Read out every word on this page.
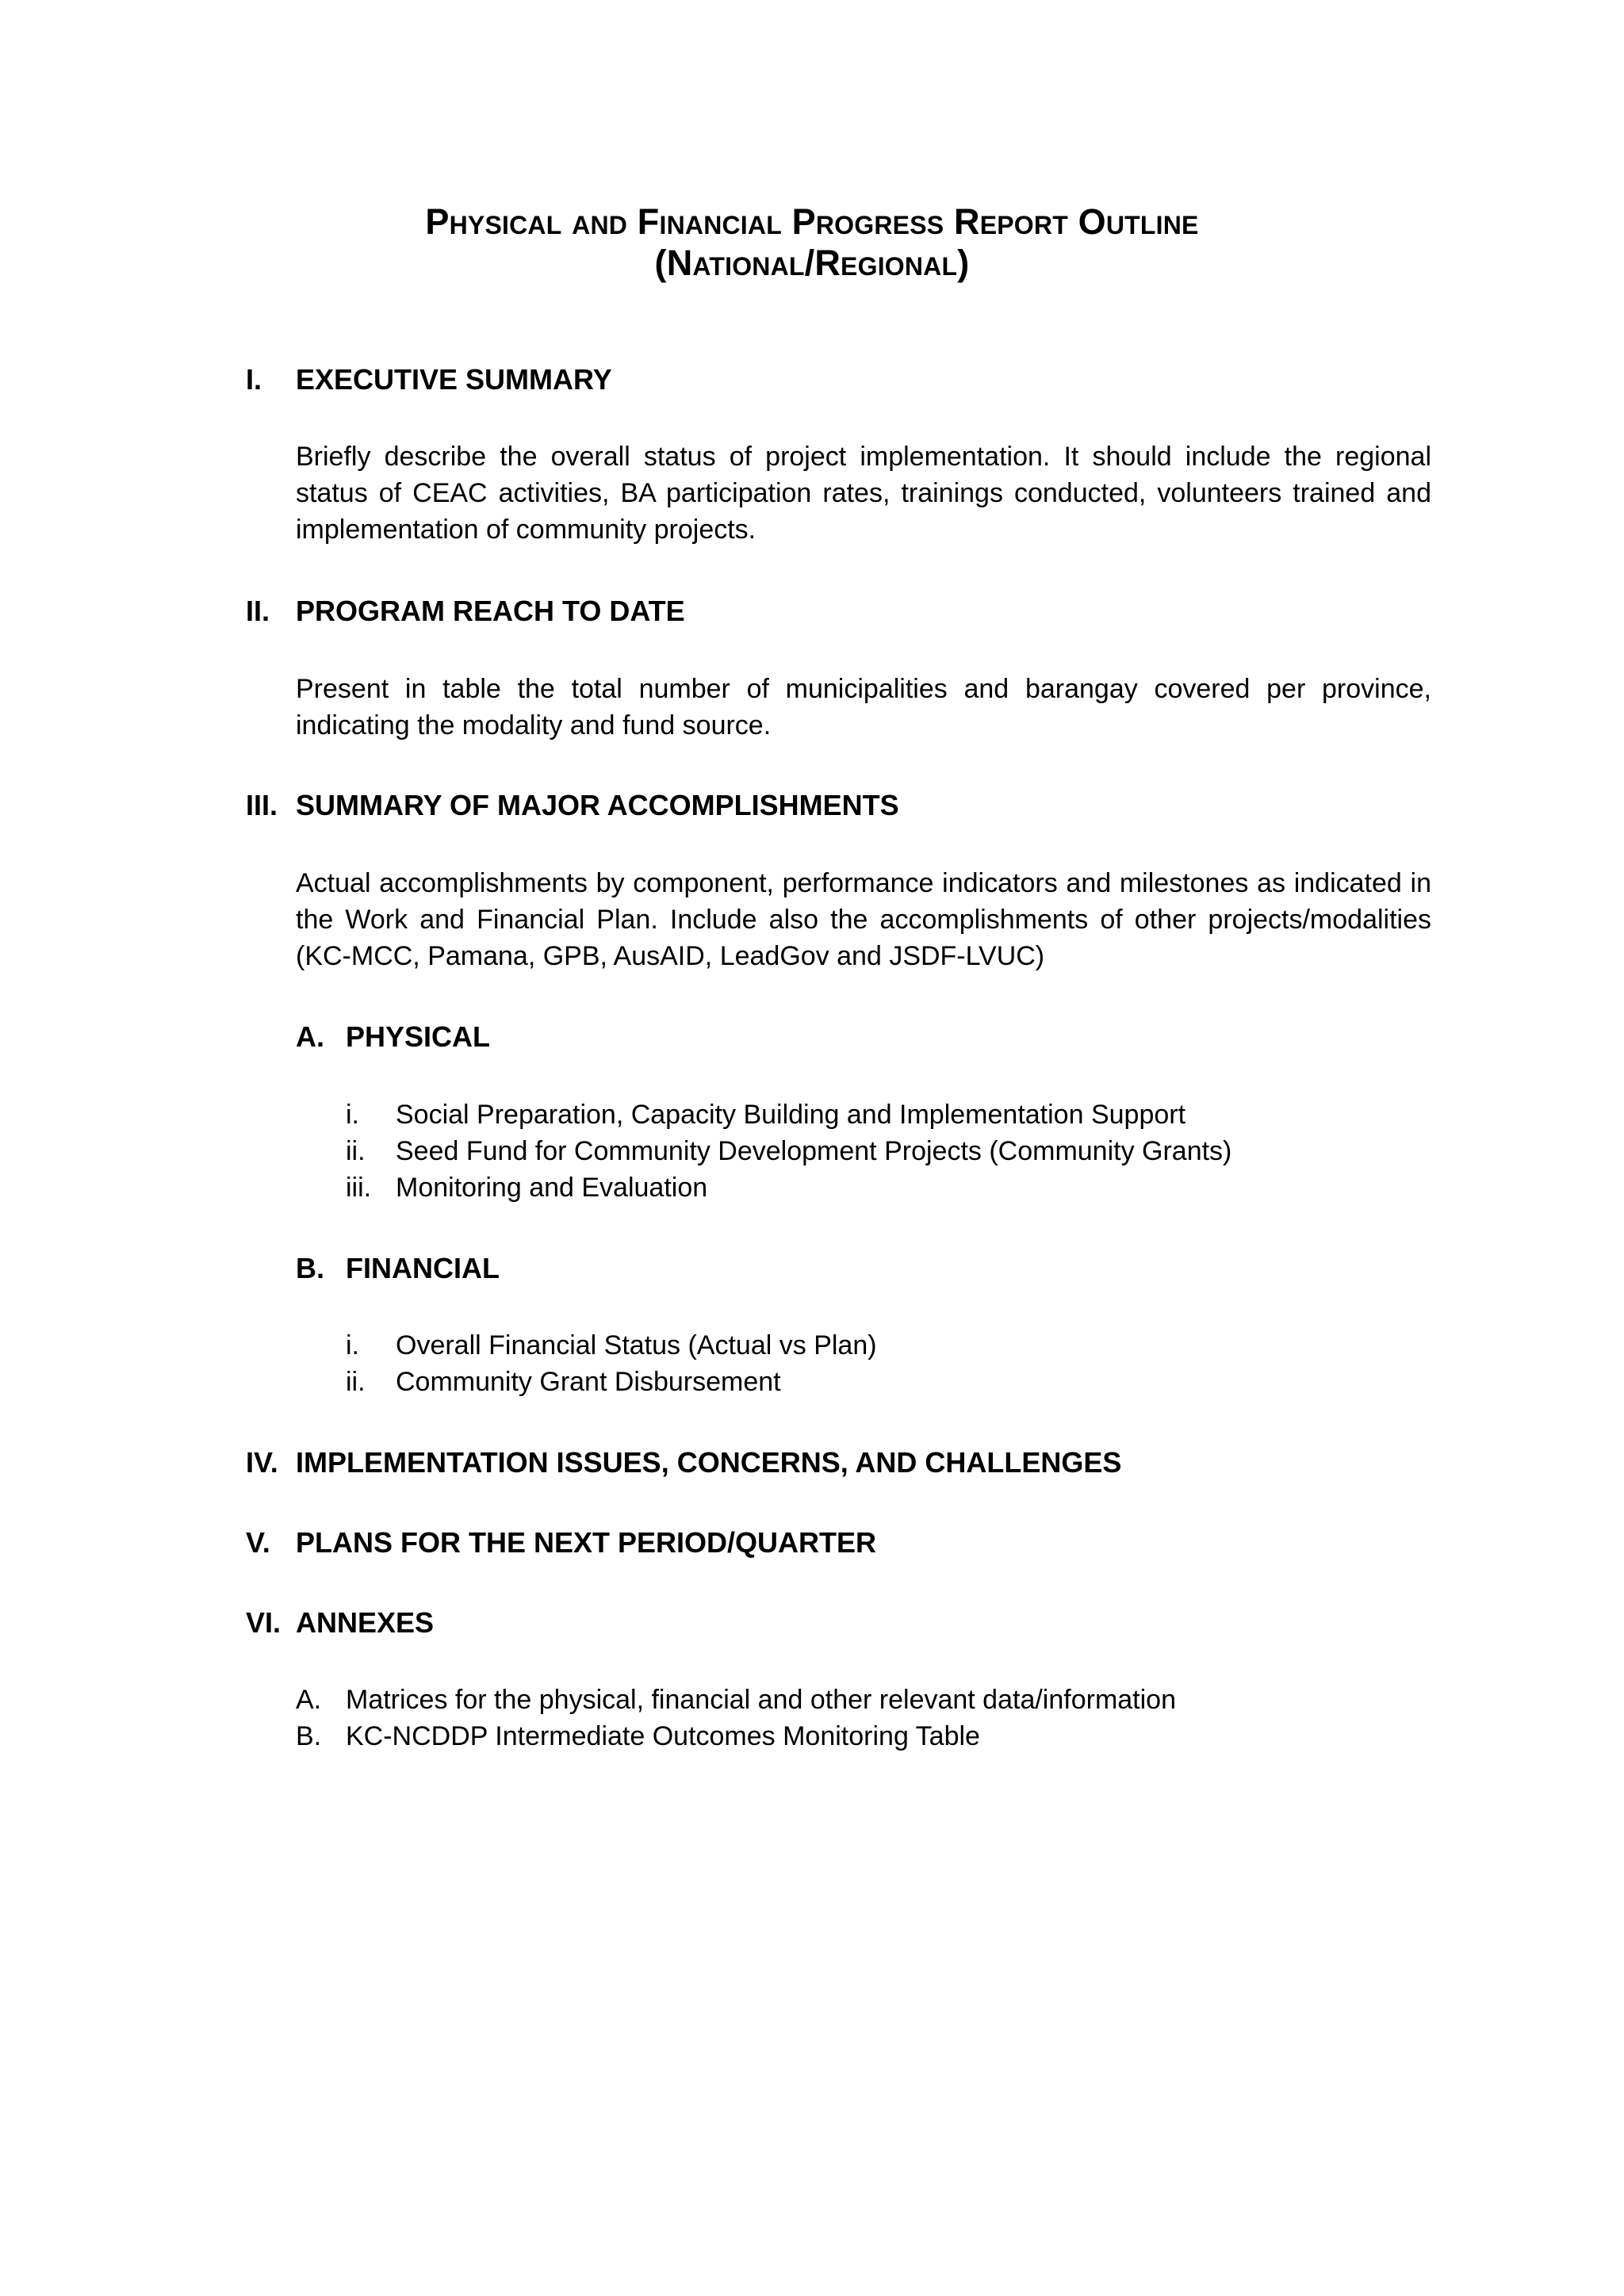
Physical and Financial Progress Report Outline
(National/Regional)
I. EXECUTIVE SUMMARY
Briefly describe the overall status of project implementation. It should include the regional status of CEAC activities, BA participation rates, trainings conducted, volunteers trained and implementation of community projects.
II. PROGRAM REACH TO DATE
Present in table the total number of municipalities and barangay covered per province, indicating the modality and fund source.
III. SUMMARY OF MAJOR ACCOMPLISHMENTS
Actual accomplishments by component, performance indicators and milestones as indicated in the Work and Financial Plan. Include also the accomplishments of other projects/modalities (KC-MCC, Pamana, GPB, AusAID, LeadGov and JSDF-LVUC)
A. PHYSICAL
i. Social Preparation, Capacity Building and Implementation Support
ii. Seed Fund for Community Development Projects (Community Grants)
iii. Monitoring and Evaluation
B. FINANCIAL
i. Overall Financial Status (Actual vs Plan)
ii. Community Grant Disbursement
IV. IMPLEMENTATION ISSUES, CONCERNS, AND CHALLENGES
V. PLANS FOR THE NEXT PERIOD/QUARTER
VI. ANNEXES
A. Matrices for the physical, financial and other relevant data/information
B. KC-NCDDP Intermediate Outcomes Monitoring Table
